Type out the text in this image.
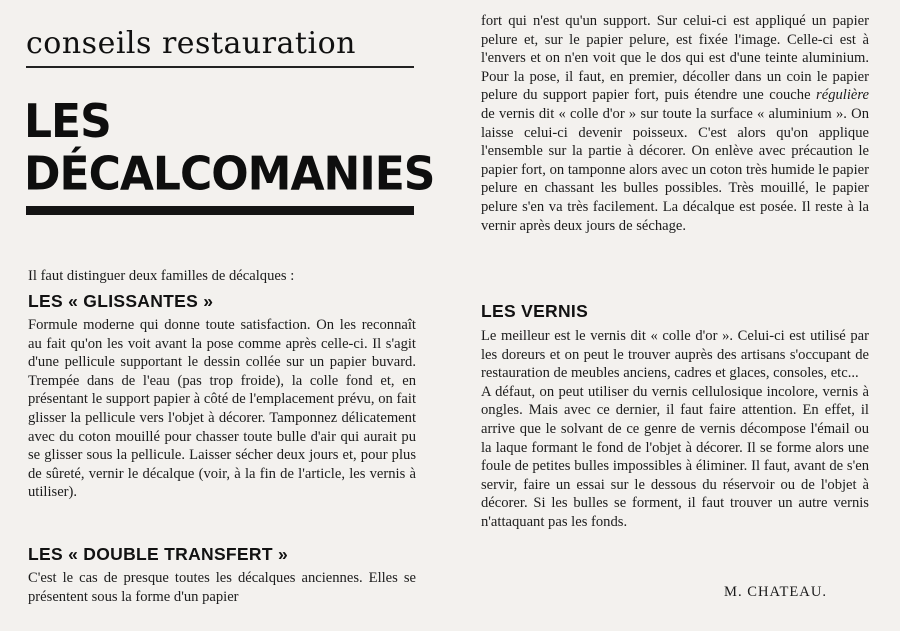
conseils restauration
LES
DÉCALCOMANIES

Il faut distinguer deux familles de décalques :

LES « GLISSANTES »

Formule moderne qui donne toute satisfaction. On les reconnaît au fait qu'on les voit avant la pose comme après celle-ci. Il s'agit d'une pellicule supportant le dessin collée sur un papier buvard. Trempée dans de l'eau (pas trop froide), la colle fond et, en présentant le support papier à côté de l'emplacement prévu, on fait glisser la pellicule vers l'objet à décorer. Tamponnez délicatement avec du coton mouillé pour chasser toute bulle d'air qui aurait pu se glisser sous la pellicule. Laisser sécher deux jours et, pour plus de sûreté, vernir le décalque (voir, à la fin de l'article, les vernis à utiliser).

LES « DOUBLE TRANSFERT »

C'est le cas de presque toutes les décalques anciennes. Elles se présentent sous la forme d'un papier

fort qui n'est qu'un support. Sur celui-ci est appliqué un papier pelure et, sur le papier pelure, est fixée l'image. Celle-ci est à l'envers et on n'en voit que le dos qui est d'une teinte aluminium. Pour la pose, il faut, en premier, décoller dans un coin le papier pelure du support papier fort, puis étendre une couche régulière de vernis dit « colle d'or » sur toute la surface « aluminium ». On laisse celui-ci devenir poisseux. C'est alors qu'on applique l'ensemble sur la partie à décorer. On enlève avec précaution le papier fort, on tamponne alors avec un coton très humide le papier pelure en chassant les bulles possibles. Très mouillé, le papier pelure s'en va très facilement. La décalque est posée. Il reste à la vernir après deux jours de séchage.

LES VERNIS

Le meilleur est le vernis dit « colle d'or ». Celui-ci est utilisé par les doreurs et on peut le trouver auprès des artisans s'occupant de restauration de meubles anciens, cadres et glaces, consoles, etc...

A défaut, on peut utiliser du vernis cellulosique incolore, vernis à ongles. Mais avec ce dernier, il faut faire attention. En effet, il arrive que le solvant de ce genre de vernis décompose l'émail ou la laque formant le fond de l'objet à décorer. Il se forme alors une foule de petites bulles impossibles à éliminer. Il faut, avant de s'en servir, faire un essai sur le dessous du réservoir ou de l'objet à décorer. Si les bulles se forment, il faut trouver un autre vernis n'attaquant pas les fonds.

M. CHATEAU.
